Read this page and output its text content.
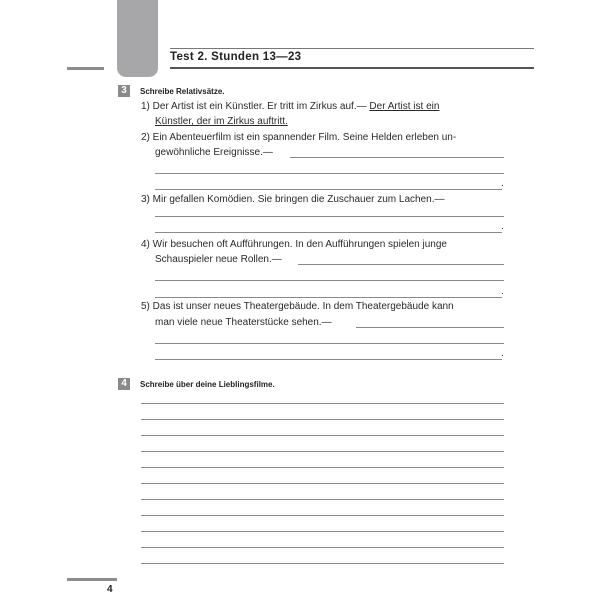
Test 2. Stunden 13—23
3	Schreibe Relativsätze.
1) Der Artist ist ein Künstler. Er tritt im Zirkus auf.— Der Artist ist ein
Künstler, der im Zirkus auftritt.
2) Ein Abenteuerfilm ist ein spannender Film. Seine Helden erleben un-
gewöhnliche Ereignisse.—
.
3) Mir gefallen Komödien. Sie bringen die Zuschauer zum Lachen.—
.
4) Wir besuchen oft Aufführungen. In den Aufführungen spielen junge
Schauspieler neue Rollen.—
.
5) Das ist unser neues Theatergebäude. In dem Theatergebäude kann
man viele neue Theaterstücke sehen.—
.
4	Schreibe über deine Lieblingsfilme.
4
